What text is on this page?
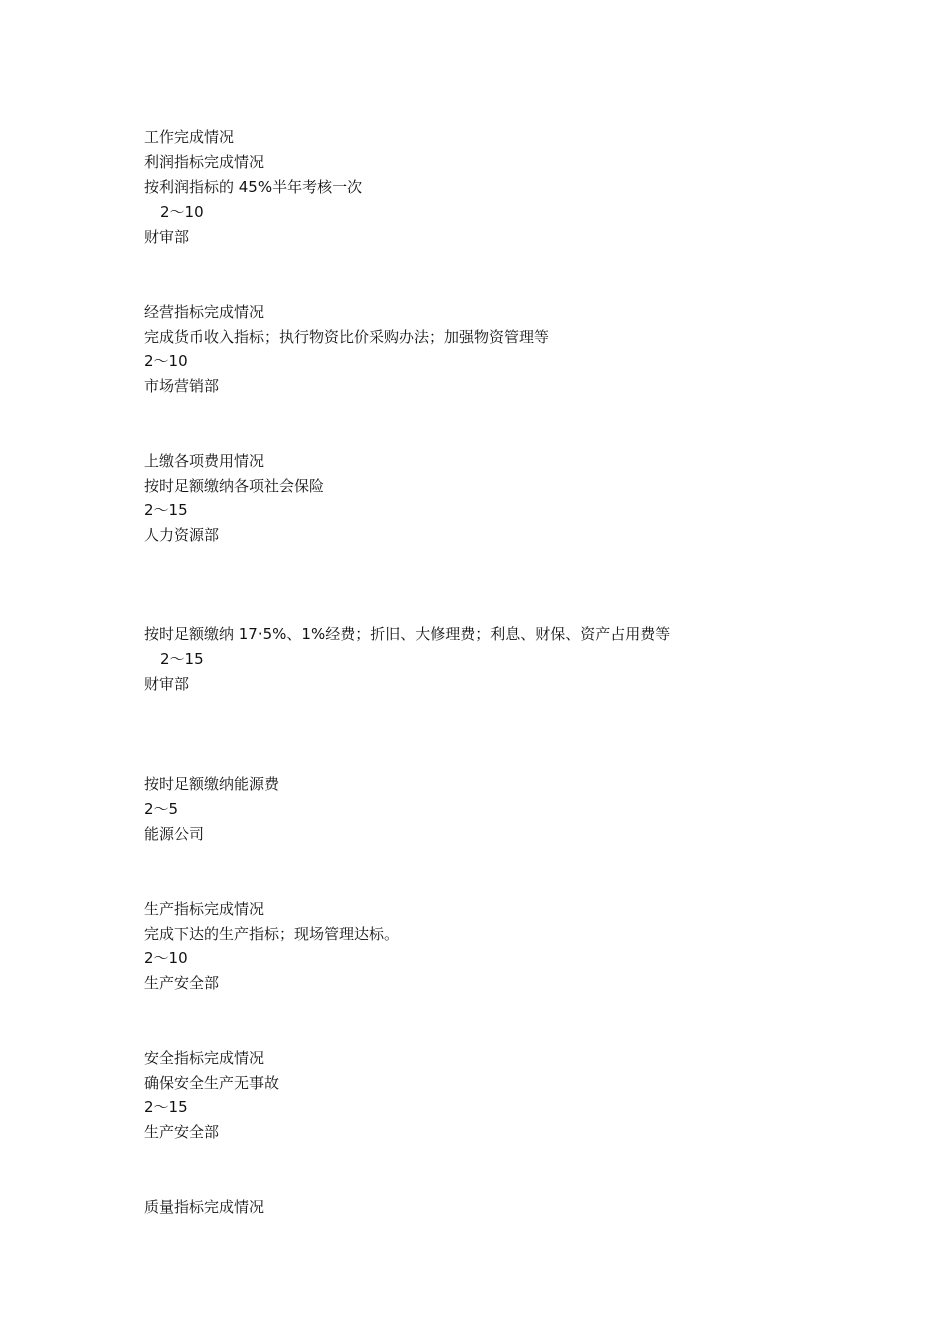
工作完成情况
利润指标完成情况
按利润指标的 45%半年考核一次
2～10
财审部
经营指标完成情况
完成货币收入指标；执行物资比价采购办法；加强物资管理等
2～10
市场营销部
上缴各项费用情况
按时足额缴纳各项社会保险
2～15
人力资源部
按时足额缴纳 17·5%、1%经费；折旧、大修理费；利息、财保、资产占用费等
2～15
财审部
按时足额缴纳能源费
2～5
能源公司
生产指标完成情况
完成下达的生产指标；现场管理达标。
2～10
生产安全部
安全指标完成情况
确保安全生产无事故
2～15
生产安全部
质量指标完成情况
